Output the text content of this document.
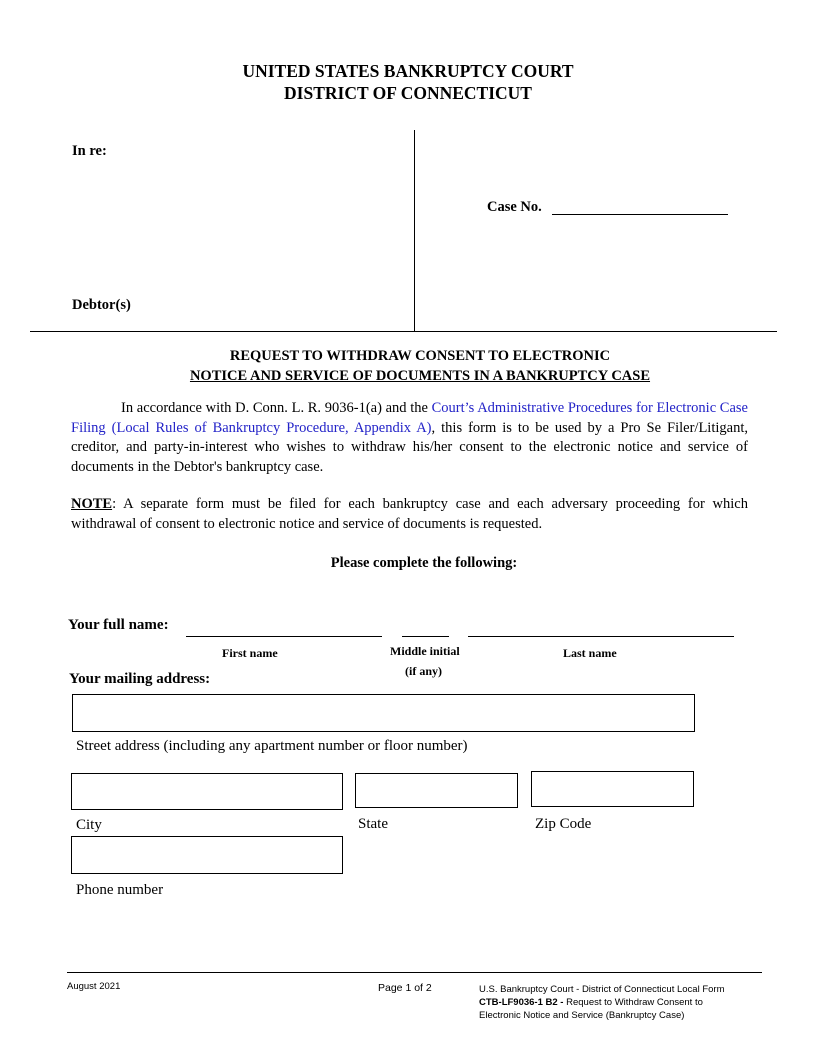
UNITED STATES BANKRUPTCY COURT
DISTRICT OF CONNECTICUT
In re:
Debtor(s)
Case No.
REQUEST TO WITHDRAW CONSENT TO ELECTRONIC
NOTICE AND SERVICE OF DOCUMENTS IN A BANKRUPTCY CASE
In accordance with D. Conn. L. R. 9036-1(a) and the Court’s Administrative Procedures for Electronic Case Filing (Local Rules of Bankruptcy Procedure, Appendix A), this form is to be used by a Pro Se Filer/Litigant, creditor, and party-in-interest who wishes to withdraw his/her consent to the electronic notice and service of documents in the Debtor's bankruptcy case.
NOTE: A separate form must be filed for each bankruptcy case and each adversary proceeding for which withdrawal of consent to electronic notice and service of documents is requested.
Please complete the following:
Your full name:
First name	Middle initial
(if any)
Last name
Your mailing address:
Street address (including any apartment number or floor number)
City	State	Zip Code
Phone number
August 2021	Page 1 of 2	U.S. Bankruptcy Court - District of Connecticut Local Form
CTB-LF9036-1 B2 - Request to Withdraw Consent to
Electronic Notice and Service (Bankruptcy Case)
